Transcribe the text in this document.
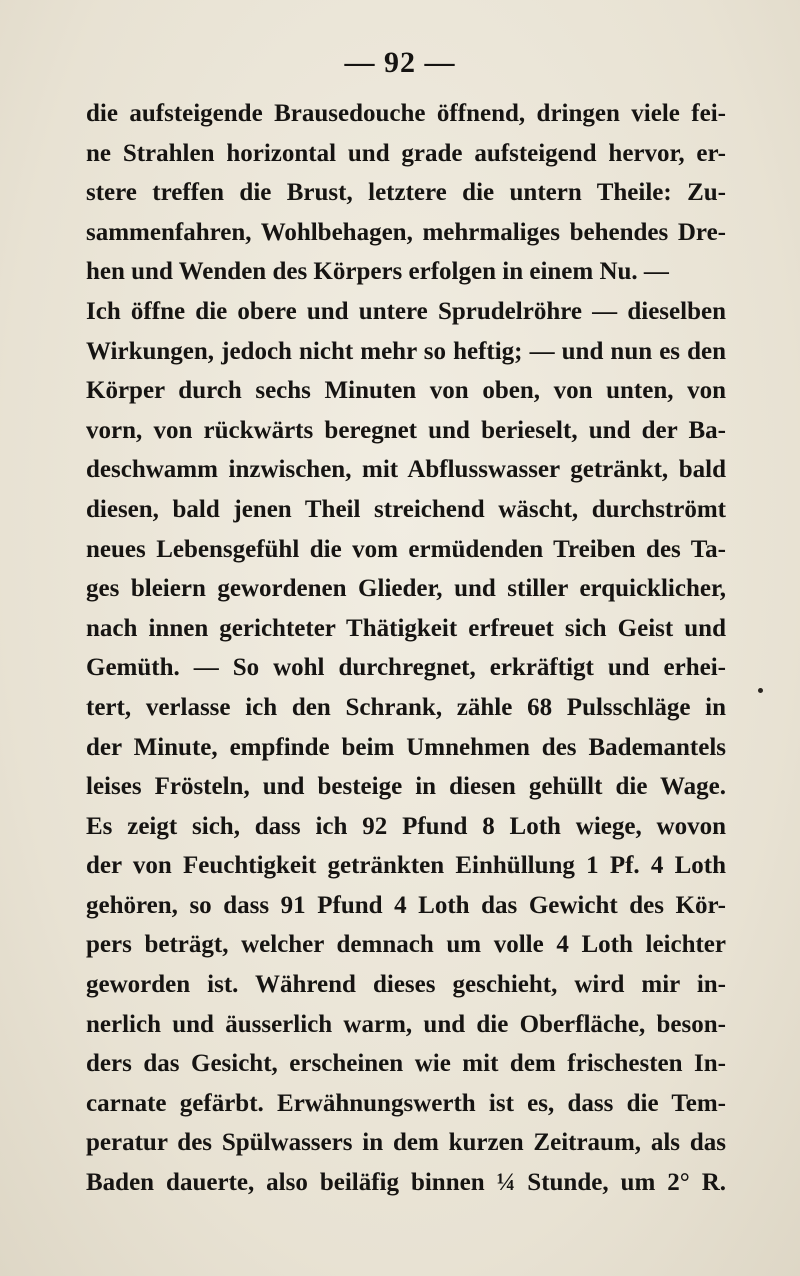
— 92 —
die aufsteigende Brausedouche öffnend, dringen viele fei-
ne Strahlen horizontal und grade aufsteigend hervor, er-
stere treffen die Brust, letztere die untern Theile: Zu-
sammenfahren, Wohlbehagen, mehrmaliges behendes Dre-
hen und Wenden des Körpers erfolgen in einem Nu. —
Ich öffne die obere und untere Sprudelröhre — dieselben
Wirkungen, jedoch nicht mehr so heftig; — und nun es den
Körper durch sechs Minuten von oben, von unten, von
vorn, von rückwärts beregnet und berieselt, und der Ba-
deschwamm inzwischen, mit Abflusswasser getränkt, bald
diesen, bald jenen Theil streichend wäscht, durchströmt
neues Lebensgefühl die vom ermüdenden Treiben des Ta-
ges bleiern gewordenen Glieder, und stiller erquicklicher,
nach innen gerichteter Thätigkeit erfreuet sich Geist und
Gemüth. — So wohl durchregnet, erkräftigt und erhei-
tert, verlasse ich den Schrank, zähle 68 Pulsschläge in
der Minute, empfinde beim Umnehmen des Bademantels
leises Frösteln, und besteige in diesen gehüllt die Wage.
Es zeigt sich, dass ich 92 Pfund 8 Loth wiege, wovon
der von Feuchtigkeit getränkten Einhüllung 1 Pf. 4 Loth
gehören, so dass 91 Pfund 4 Loth das Gewicht des Kör-
pers beträgt, welcher demnach um volle 4 Loth leichter
geworden ist. Während dieses geschieht, wird mir in-
nerlich und äusserlich warm, und die Oberfläche, beson-
ders das Gesicht, erscheinen wie mit dem frischesten In-
carnate gefärbt. Erwähnungswerth ist es, dass die Tem-
peratur des Spülwassers in dem kurzen Zeitraum, als das
Baden dauerte, also beiläfig binnen ¼ Stunde, um 2° R.
